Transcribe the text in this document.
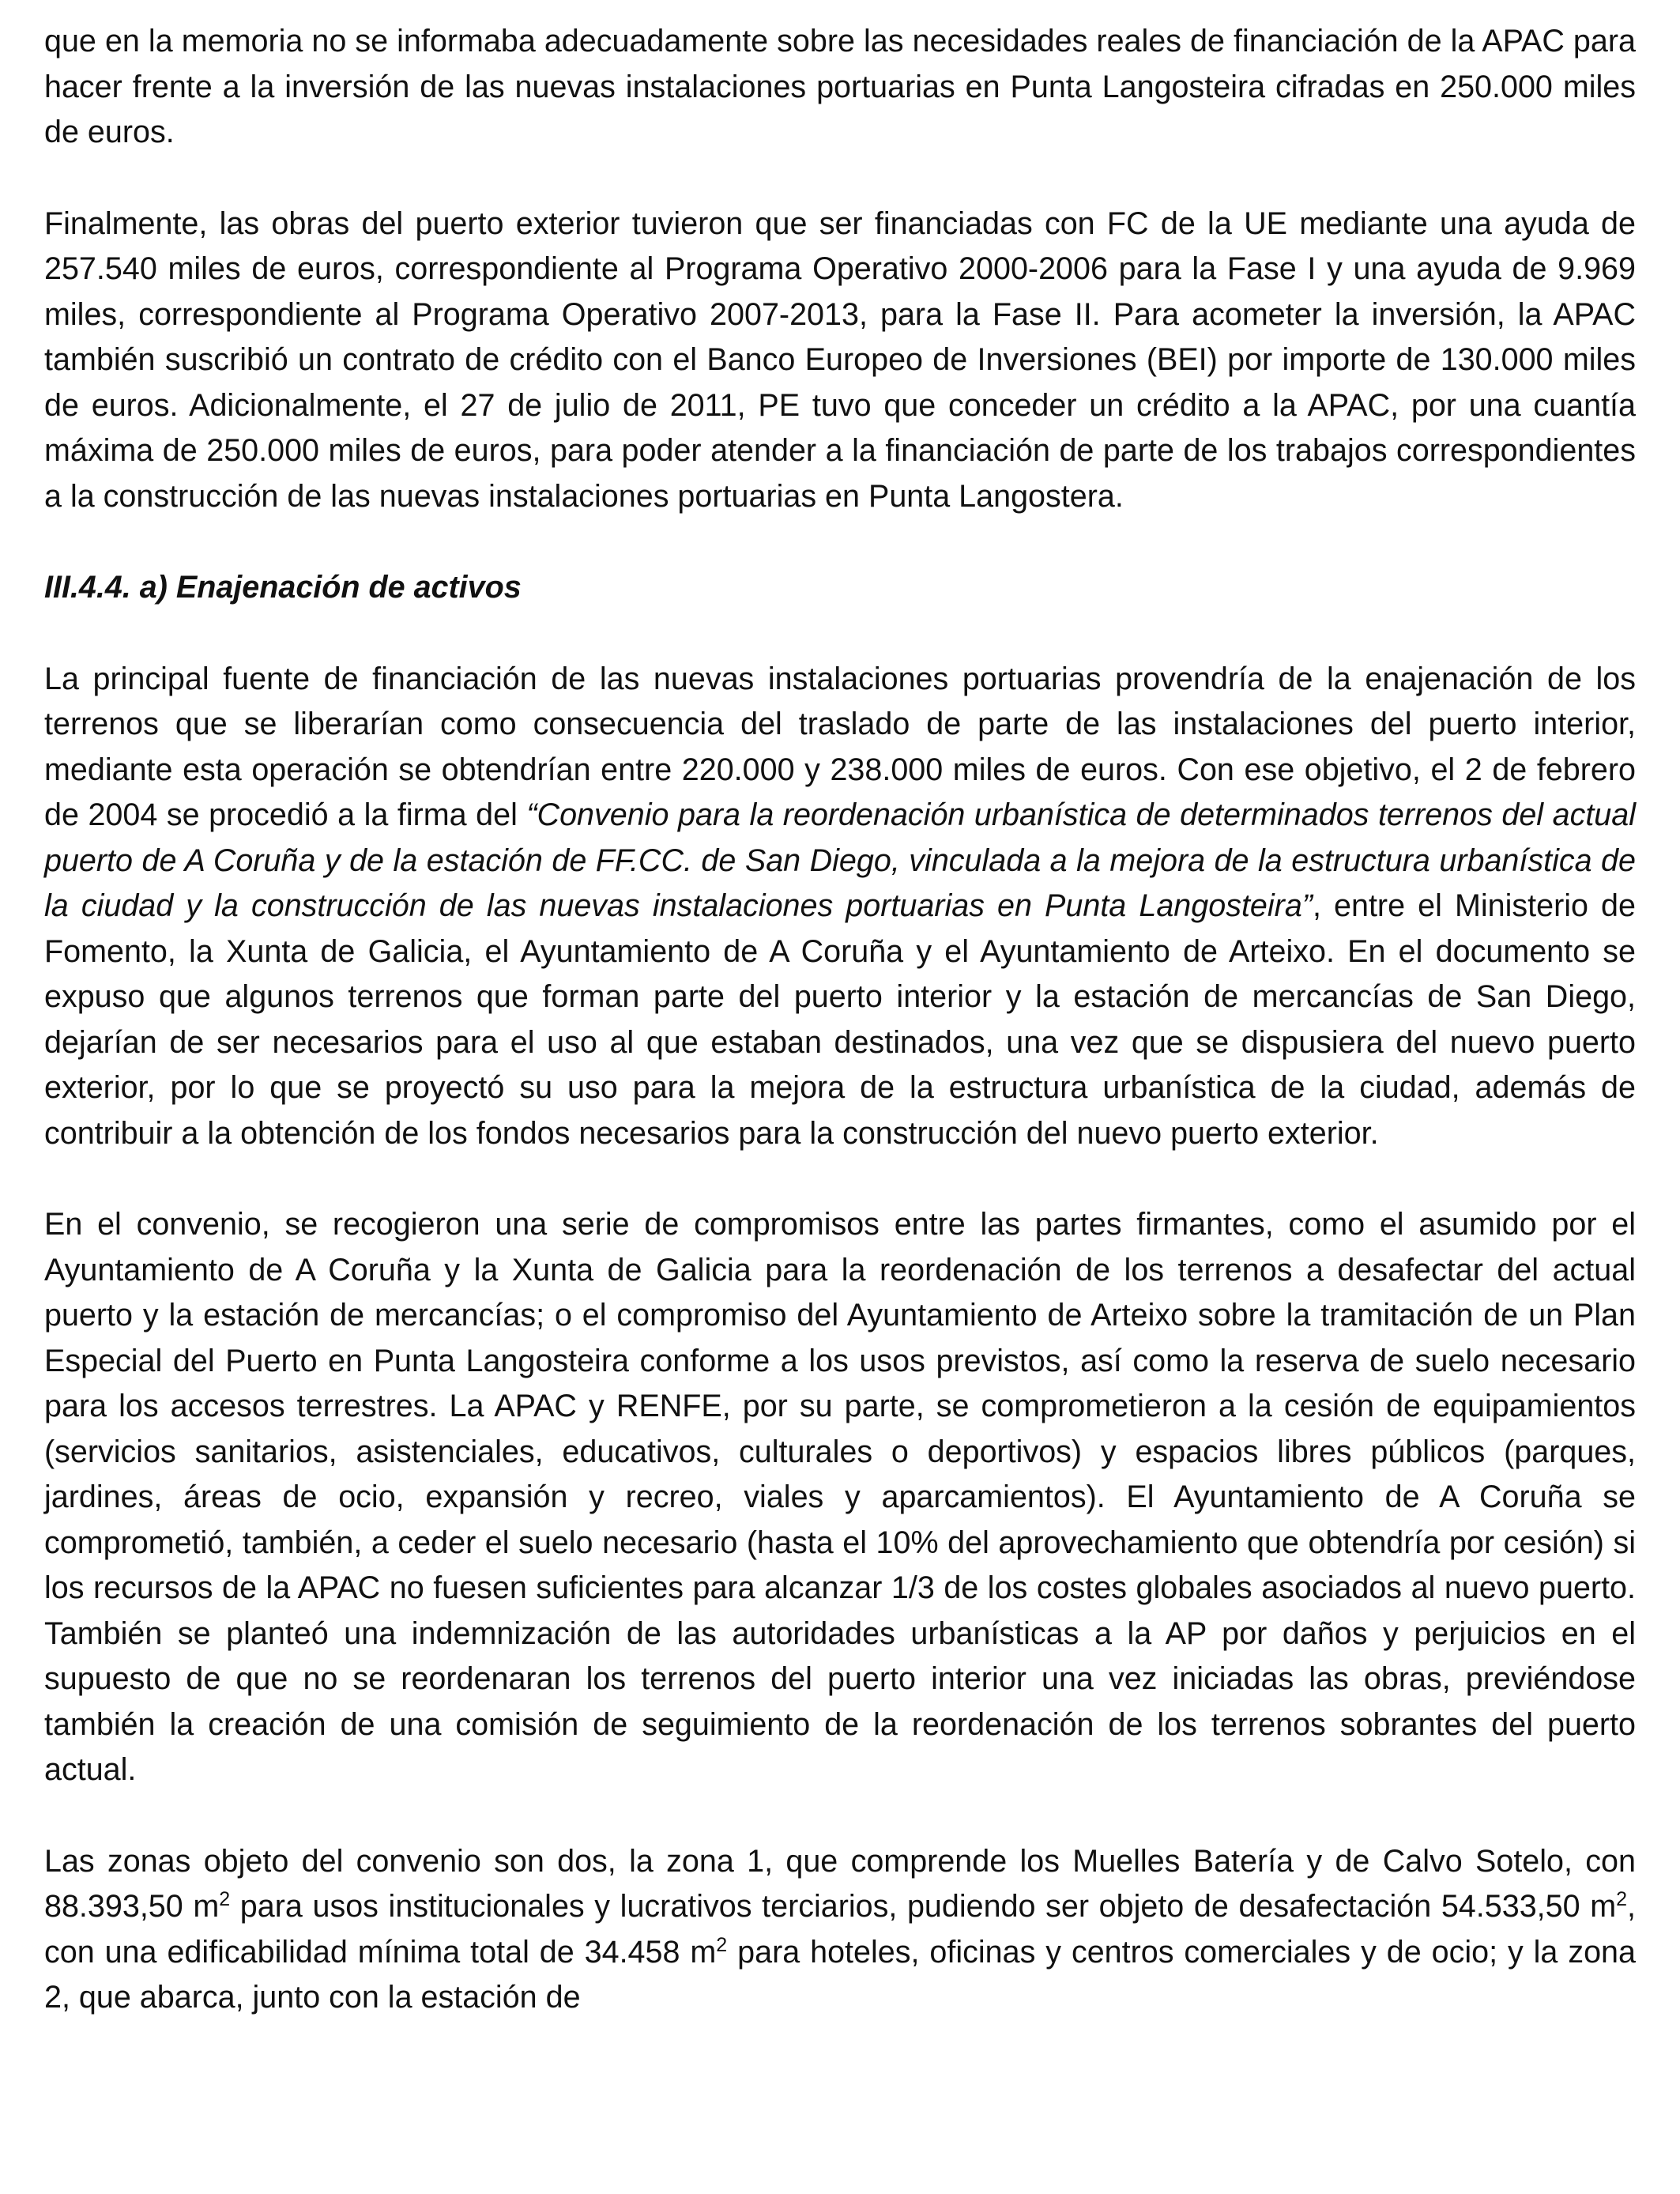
que en la memoria no se informaba adecuadamente sobre las necesidades reales de financiación de la APAC para hacer frente a la inversión de las nuevas instalaciones portuarias en Punta Langosteira cifradas en 250.000 miles de euros.

Finalmente, las obras del puerto exterior tuvieron que ser financiadas con FC de la UE mediante una ayuda de 257.540 miles de euros, correspondiente al Programa Operativo 2000-2006 para la Fase I y una ayuda de 9.969 miles, correspondiente al Programa Operativo 2007-2013, para la Fase II. Para acometer la inversión, la APAC también suscribió un contrato de crédito con el Banco Europeo de Inversiones (BEI) por importe de 130.000 miles de euros. Adicionalmente, el 27 de julio de 2011, PE tuvo que conceder un crédito a la APAC, por una cuantía máxima de 250.000 miles de euros, para poder atender a la financiación de parte de los trabajos correspondientes a la construcción de las nuevas instalaciones portuarias en Punta Langostera.

III.4.4. a) Enajenación de activos

La principal fuente de financiación de las nuevas instalaciones portuarias provendría de la enajenación de los terrenos que se liberarían como consecuencia del traslado de parte de las instalaciones del puerto interior, mediante esta operación se obtendrían entre 220.000 y 238.000 miles de euros. Con ese objetivo, el 2 de febrero de 2004 se procedió a la firma del “Convenio para la reordenación urbanística de determinados terrenos del actual puerto de A Coruña y de la estación de FF.CC. de San Diego, vinculada a la mejora de la estructura urbanística de la ciudad y la construcción de las nuevas instalaciones portuarias en Punta Langosteira”, entre el Ministerio de Fomento, la Xunta de Galicia, el Ayuntamiento de A Coruña y el Ayuntamiento de Arteixo. En el documento se expuso que algunos terrenos que forman parte del puerto interior y la estación de mercancías de San Diego, dejarían de ser necesarios para el uso al que estaban destinados, una vez que se dispusiera del nuevo puerto exterior, por lo que se proyectó su uso para la mejora de la estructura urbanística de la ciudad, además de contribuir a la obtención de los fondos necesarios para la construcción del nuevo puerto exterior.

En el convenio, se recogieron una serie de compromisos entre las partes firmantes, como el asumido por el Ayuntamiento de A Coruña y la Xunta de Galicia para la reordenación de los terrenos a desafectar del actual puerto y la estación de mercancías; o el compromiso del Ayuntamiento de Arteixo sobre la tramitación de un Plan Especial del Puerto en Punta Langosteira conforme a los usos previstos, así como la reserva de suelo necesario para los accesos terrestres. La APAC y RENFE, por su parte, se comprometieron a la cesión de equipamientos (servicios sanitarios, asistenciales, educativos, culturales o deportivos) y espacios libres públicos (parques, jardines, áreas de ocio, expansión y recreo, viales y aparcamientos). El Ayuntamiento de A Coruña se comprometió, también, a ceder el suelo necesario (hasta el 10% del aprovechamiento que obtendría por cesión) si los recursos de la APAC no fuesen suficientes para alcanzar 1/3 de los costes globales asociados al nuevo puerto. También se planteó una indemnización de las autoridades urbanísticas a la AP por daños y perjuicios en el supuesto de que no se reordenaran los terrenos del puerto interior una vez iniciadas las obras, previéndose también la creación de una comisión de seguimiento de la reordenación de los terrenos sobrantes del puerto actual.

Las zonas objeto del convenio son dos, la zona 1, que comprende los Muelles Batería y de Calvo Sotelo, con 88.393,50 $m^2$ para usos institucionales y lucrativos terciarios, pudiendo ser objeto de desafectación 54.533,50 $m^2$, con una edificabilidad mínima total de 34.458 $m^2$ para hoteles, oficinas y centros comerciales y de ocio; y la zona 2, que abarca, junto con la estación de
